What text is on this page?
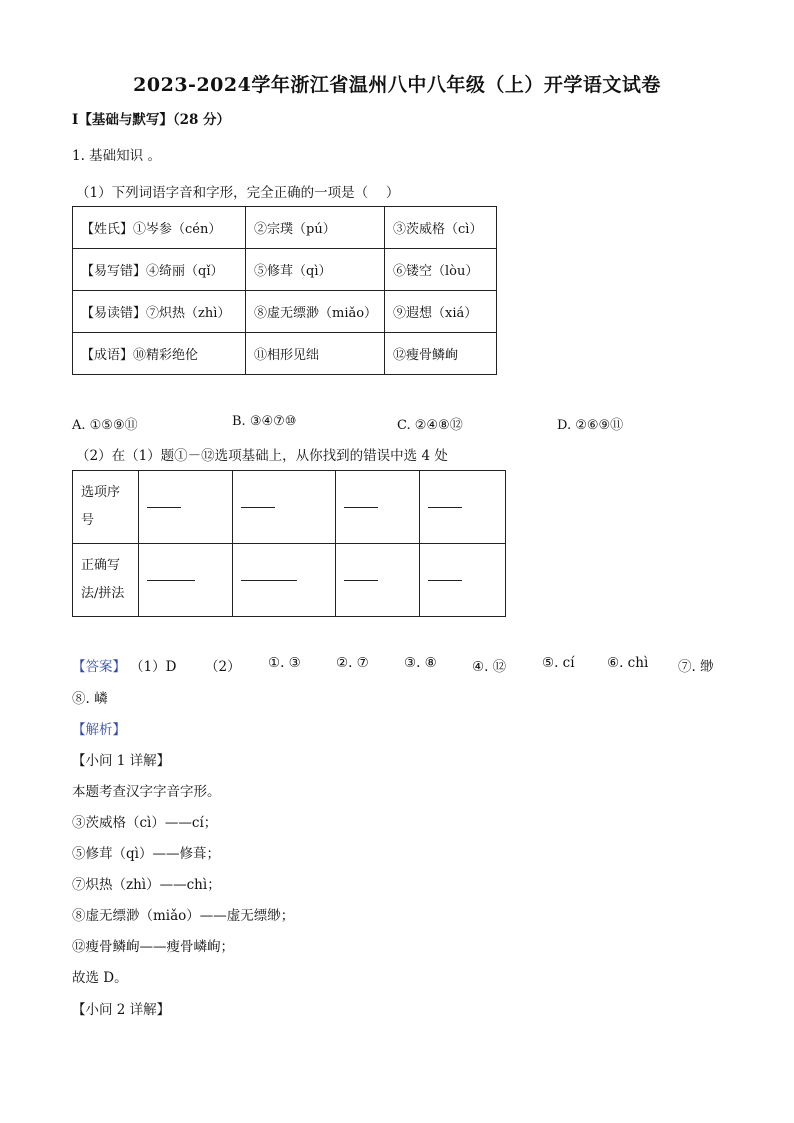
2023-2024学年浙江省温州八中八年级（上）开学语文试卷
Ⅰ【基础与默写】（28 分）
1. 基础知识 。
（1）下列词语字音和字形，完全正确的一项是（　 ）
【姓氏】①岑参（cén）	②宗璞（pú）	③茨威格（cì）
【易写错】④绮丽（qǐ）	⑤修茸（qì）	⑥镂空（lòu）
【易读错】⑦炽热（zhì）	⑧虚无缥渺（miǎo）	⑨遐想（xiá）
【成语】⑩精彩绝伦	⑪相形见绌	⑫瘦骨鳞峋
A. ①⑤⑨⑪	B. ③④⑦⑩	C. ②④⑧⑫	D. ②⑥⑨⑪
（2）在（1）题①－⑫选项基础上，从你找到的错误中选 4 处
选项序
号				

正确写
法/拼法				

【答案】 （1）D （2） ①. ③	②. ⑦	③. ⑧	④. ⑫	⑤. cí ⑥. chì ⑦. 缈
⑧. 嶙
【解析】
【小问 1 详解】
本题考查汉字字音字形。
③茨威格（cì）——cí；
⑤修茸（qì）——修葺；
⑦炽热（zhì）——chì；
⑧虚无缥渺（miǎo）——虚无缥缈；
⑫瘦骨鳞峋——瘦骨嶙峋；
故选 D。
【小问 2 详解】
